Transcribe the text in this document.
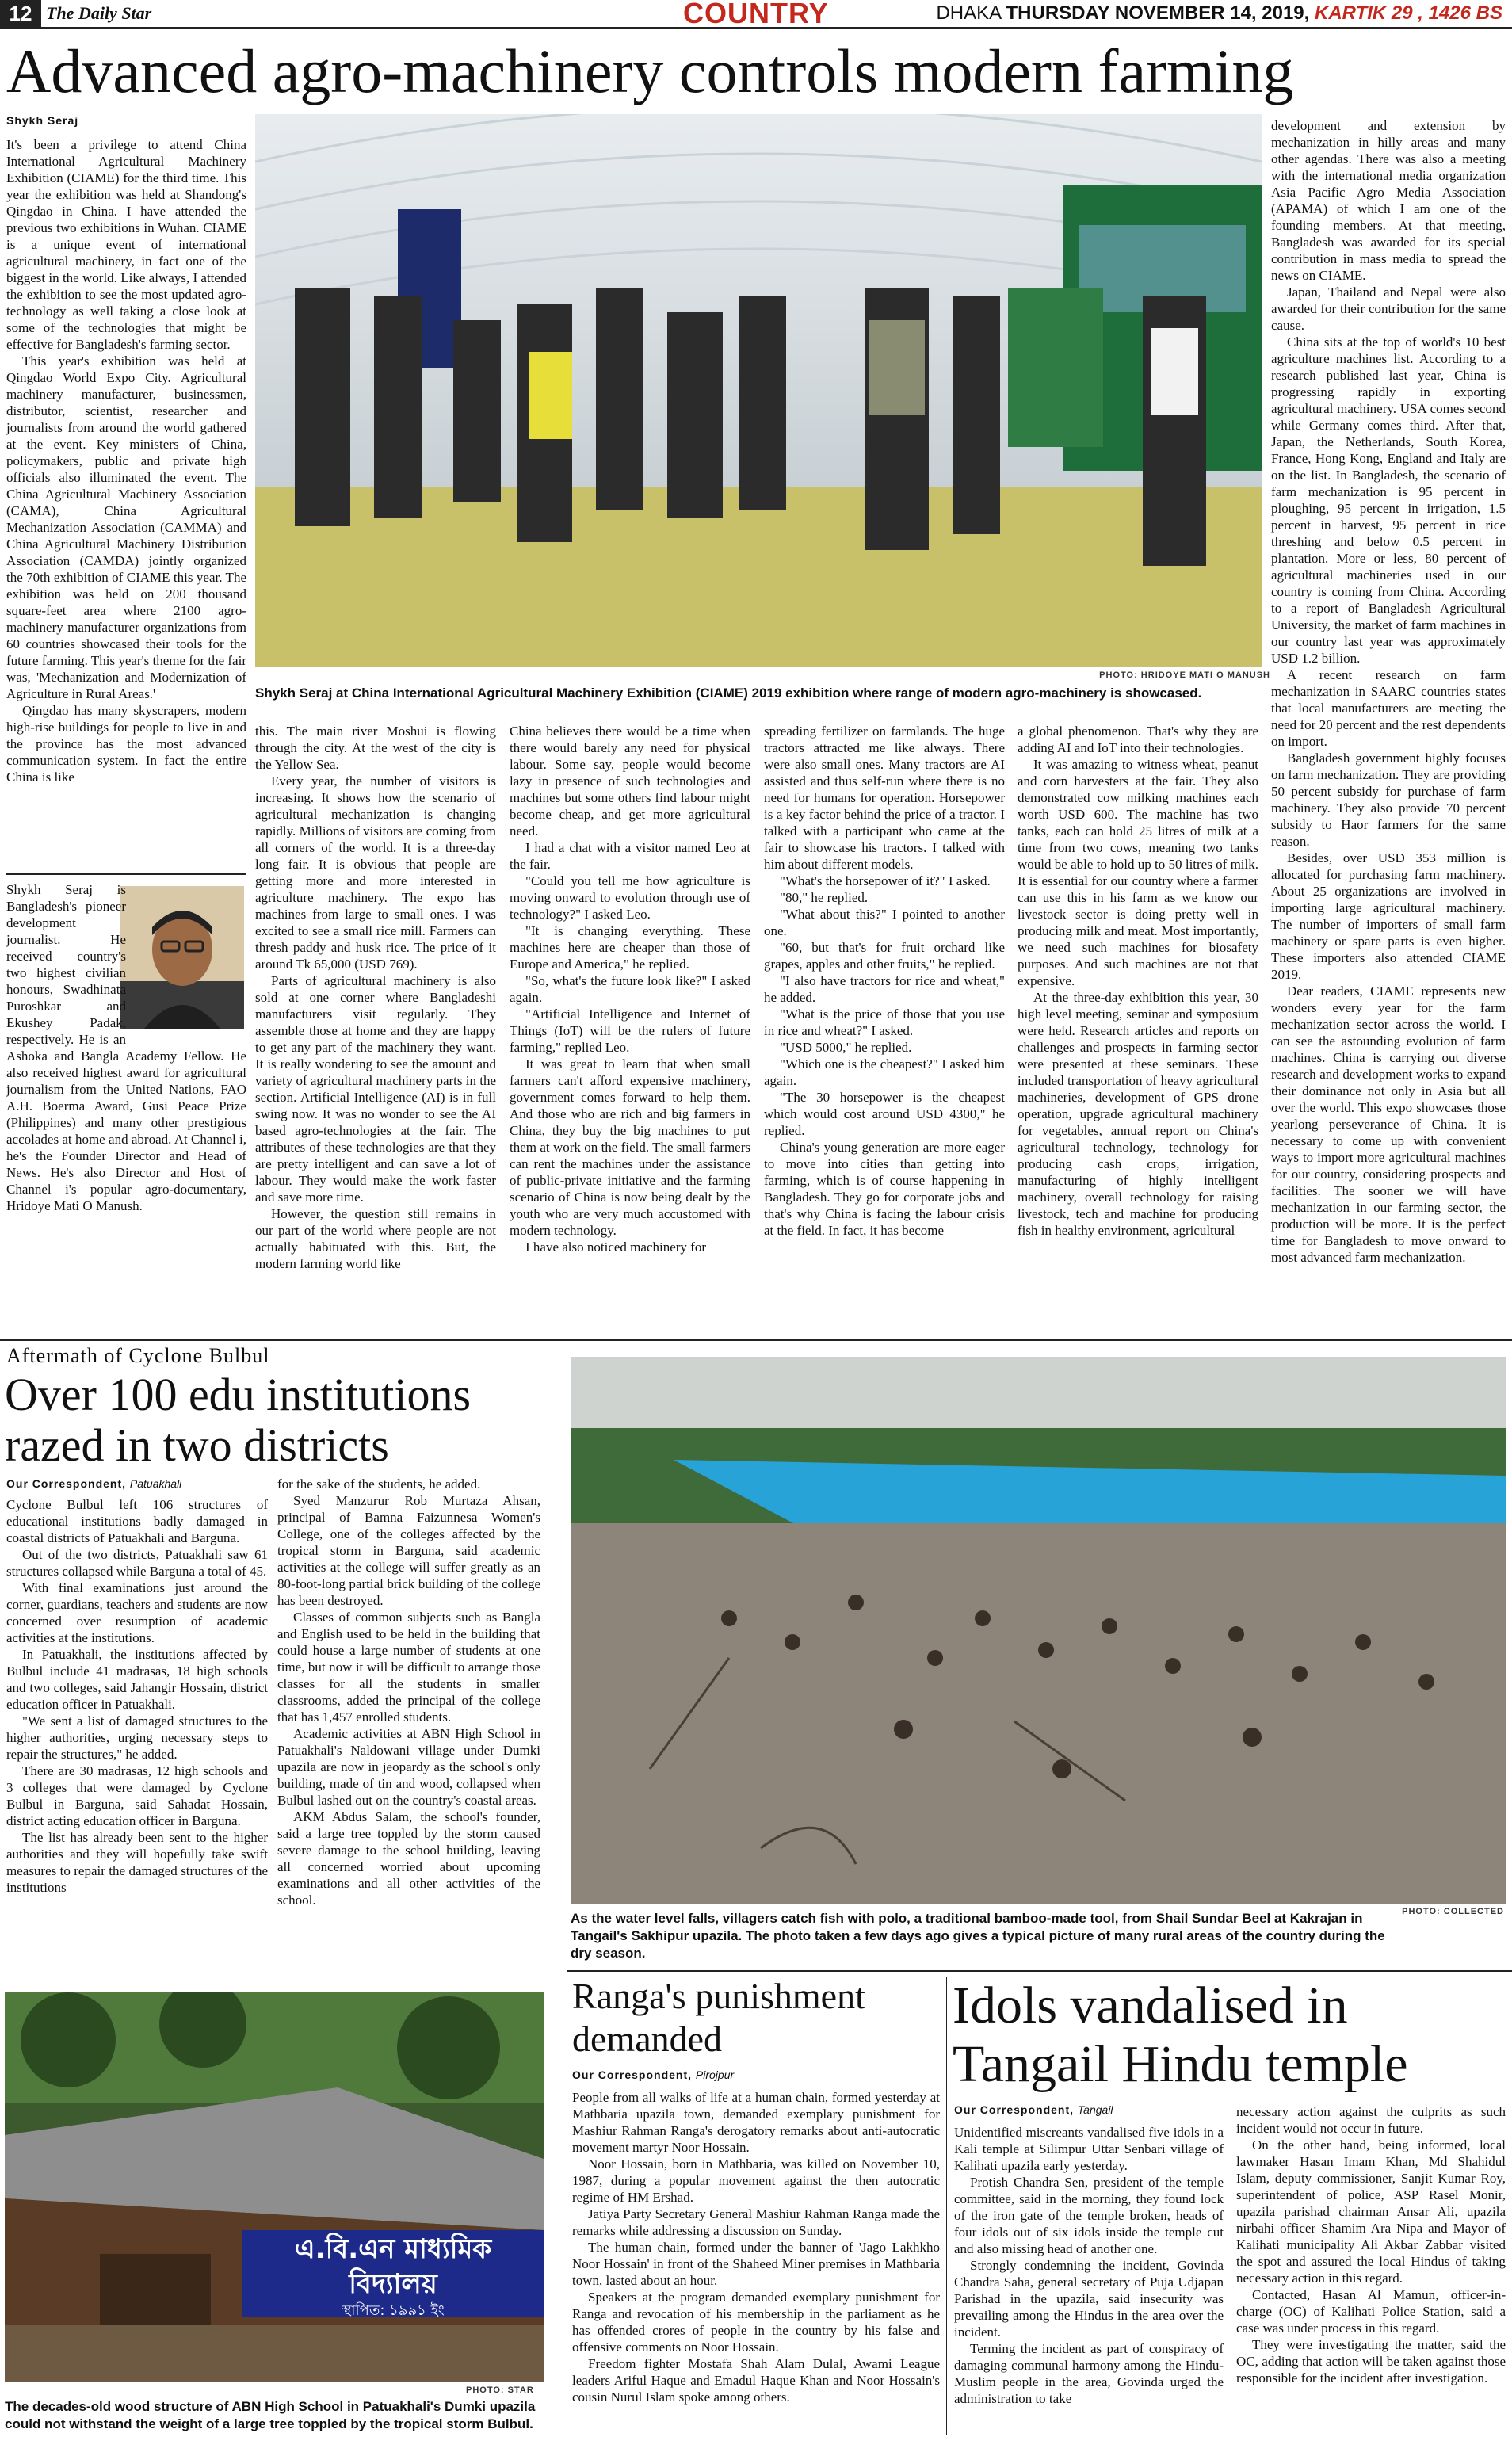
12 The Daily Star	COUNTRY	DHAKA THURSDAY NOVEMBER 14, 2019, KARTIK 29 , 1426 BS
Advanced agro-machinery controls modern farming
Shykh Seraj

It's been a privilege to attend China International Agricultural Machinery Exhibition (CIAME) for the third time. This year the exhibition was held at Shandong's Qingdao in China. I have attended the previous two exhibitions in Wuhan. CIAME is a unique event of international agricultural machinery, in fact one of the biggest in the world. Like always, I attended the exhibition to see the most updated agro-technology as well taking a close look at some of the technologies that might be effective for Bangladesh's farming sector.

This year's exhibition was held at Qingdao World Expo City. Agricultural machinery manufacturer, businessmen, distributor, scientist, researcher and journalists from around the world gathered at the event. Key ministers of China, policymakers, public and private high officials also illuminated the event. The China Agricultural Machinery Association (CAMA), China Agricultural Mechanization Association (CAMMA) and China Agricultural Machinery Distribution Association (CAMDA) jointly organized the 70th exhibition of CIAME this year. The exhibition was held on 200 thousand square-feet area where 2100 agro-machinery manufacturer organizations from 60 countries showcased their tools for the future farming. This year's theme for the fair was, 'Mechanization and Modernization of Agriculture in Rural Areas.'

Qingdao has many skyscrapers, modern high-rise buildings for people to live in and the province has the most advanced communication system. In fact the entire China is like

Shykh Seraj is Bangladesh's pioneer development journalist. He received country's two highest civilian honours, Swadhinata Puroshkar and Ekushey Padak, respectively. He is an Ashoka and Bangla Academy Fellow. He also received highest award for agricultural journalism from the United Nations, FAO A.H. Boerma Award, Gusi Peace Prize (Philippines) and many other prestigious accolades at home and abroad. At Channel i, he's the Founder Director and Head of News. He's also Director and Host of Channel i's popular agro-documentary, Hridoye Mati O Manush.
PHOTO: HRIDOYE MATI O MANUSH
Shykh Seraj at China International Agricultural Machinery Exhibition (CIAME) 2019 exhibition where range of modern agro-machinery is showcased.

this. The main river Moshui is flowing through the city. At the west of the city is the Yellow Sea.

Every year, the number of visitors is increasing. It shows how the scenario of agricultural mechanization is changing rapidly. Millions of visitors are coming from all corners of the world. It is a three-day long fair. It is obvious that people are getting more and more interested in agriculture machinery. The expo has machines from large to small ones. I was excited to see a small rice mill. Farmers can thresh paddy and husk rice. The price of it around Tk 65,000 (USD 769).

Parts of agricultural machinery is also sold at one corner where Bangladeshi manufacturers visit regularly. They assemble those at home and they are happy to get any part of the machinery they want. It is really wondering to see the amount and variety of agricultural machinery parts in the section. Artificial Intelligence (AI) is in full swing now. It was no wonder to see the AI based agro-technologies at the fair. The attributes of these technologies are that they are pretty intelligent and can save a lot of labour. They would make the work faster and save more time.

However, the question still remains in our part of the world where people are not actually habituated with this. But, the modern farming world like

China believes there would be a time when there would barely any need for physical labour. Some say, people would become lazy in presence of such technologies and machines but some others find labour might become cheap, and get more agricultural need.

I had a chat with a visitor named Leo at the fair.

"Could you tell me how agriculture is moving onward to evolution through use of technology?" I asked Leo.

"It is changing everything. These machines here are cheaper than those of Europe and America," he replied.

"So, what's the future look like?" I asked again.

"Artificial Intelligence and Internet of Things (IoT) will be the rulers of future farming," replied Leo.

It was great to learn that when small farmers can't afford expensive machinery, government comes forward to help them. And those who are rich and big farmers in China, they buy the big machines to put them at work on the field. The small farmers can rent the machines under the assistance of public-private initiative and the farming scenario of China is now being dealt by the youth who are very much accustomed with modern technology.

I have also noticed machinery for

spreading fertilizer on farmlands. The huge tractors attracted me like always. There were also small ones. Many tractors are AI assisted and thus self-run where there is no need for humans for operation. Horsepower is a key factor behind the price of a tractor. I talked with a participant who came at the fair to showcase his tractors. I talked with him about different models.

"What's the horsepower of it?" I asked.

"80," he replied.

"What about this?" I pointed to another one.

"60, but that's for fruit orchard like grapes, apples and other fruits," he replied.

"I also have tractors for rice and wheat," he added.

"What is the price of those that you use in rice and wheat?" I asked.

"USD 5000," he replied.

"Which one is the cheapest?" I asked him again.

"The 30 horsepower is the cheapest which would cost around USD 4300," he replied.

China's young generation are more eager to move into cities than getting into farming, which is of course happening in Bangladesh. They go for corporate jobs and that's why China is facing the labour crisis at the field. In fact, it has become

a global phenomenon. That's why they are adding AI and IoT into their technologies.

It was amazing to witness wheat, peanut and corn harvesters at the fair. They also demonstrated cow milking machines each worth USD 600. The machine has two tanks, each can hold 25 litres of milk at a time from two cows, meaning two tanks would be able to hold up to 50 litres of milk. It is essential for our country where a farmer can use this in his farm as we know our livestock sector is doing pretty well in producing milk and meat. Most importantly, we need such machines for biosafety purposes. And such machines are not that expensive.

At the three-day exhibition this year, 30 high level meeting, seminar and symposium were held. Research articles and reports on challenges and prospects in farming sector were presented at these seminars. These included transportation of heavy agricultural machineries, development of GPS drone operation, upgrade agricultural machinery for vegetables, annual report on China's agricultural technology, technology for producing cash crops, irrigation, manufacturing of highly intelligent machinery, overall technology for raising livestock, tech and machine for producing fish in healthy environment, agricultural

development and extension by mechanization in hilly areas and many other agendas. There was also a meeting with the international media organization Asia Pacific Agro Media Association (APAMA) of which I am one of the founding members. At that meeting, Bangladesh was awarded for its special contribution in mass media to spread the news on CIAME.

Japan, Thailand and Nepal were also awarded for their contribution for the same cause.

China sits at the top of world's 10 best agriculture machines list. According to a research published last year, China is progressing rapidly in exporting agricultural machinery. USA comes second while Germany comes third. After that, Japan, the Netherlands, South Korea, France, Hong Kong, England and Italy are on the list. In Bangladesh, the scenario of farm mechanization is 95 percent in ploughing, 95 percent in irrigation, 1.5 percent in harvest, 95 percent in rice threshing and below 0.5 percent in plantation. More or less, 80 percent of agricultural machineries used in our country is coming from China. According to a report of Bangladesh Agricultural University, the market of farm machines in our country last year was approximately USD 1.2 billion.

A recent research on farm mechanization in SAARC countries states that local manufacturers are meeting the need for 20 percent and the rest dependents on import.

Bangladesh government highly focuses on farm mechanization. They are providing 50 percent subsidy for purchase of farm machinery. They also provide 70 percent subsidy to Haor farmers for the same reason.

Besides, over USD 353 million is allocated for purchasing farm machinery. About 25 organizations are involved in importing large agricultural machinery. The number of importers of small farm machinery or spare parts is even higher. These importers also attended CIAME 2019.

Dear readers, CIAME represents new wonders every year for the farm mechanization sector across the world. I can see the astounding evolution of farm machines. China is carrying out diverse research and development works to expand their dominance not only in Asia but all over the world. This expo showcases those yearlong perseverance of China. It is necessary to come up with convenient ways to import more agricultural machines for our country, considering prospects and facilities. The sooner we will have mechanization in our farming sector, the production will be more. It is the perfect time for Bangladesh to move onward to most advanced farm mechanization.

Aftermath of Cyclone Bulbul
Over 100 edu institutions
razed in two districts
Our Correspondent, Patuakhali

Cyclone Bulbul left 106 structures of educational institutions badly damaged in coastal districts of Patuakhali and Barguna.

Out of the two districts, Patuakhali saw 61 structures collapsed while Barguna a total of 45.

With final examinations just around the corner, guardians, teachers and students are now concerned over resumption of academic activities at the institutions.

In Patuakhali, the institutions affected by Bulbul include 41 madrasas, 18 high schools and two colleges, said Jahangir Hossain, district education officer in Patuakhali.

"We sent a list of damaged structures to the higher authorities, urging necessary steps to repair the structures," he added.

There are 30 madrasas, 12 high schools and 3 colleges that were damaged by Cyclone Bulbul in Barguna, said Sahadat Hossain, district acting education officer in Barguna.

The list has already been sent to the higher authorities and they will hopefully take swift measures to repair the damaged structures of the institutions

for the sake of the students, he added.

Syed Manzurur Rob Murtaza Ahsan, principal of Bamna Faizunnesa Women's College, one of the colleges affected by the tropical storm in Barguna, said academic activities at the college will suffer greatly as an 80-foot-long partial brick building of the college has been destroyed.

Classes of common subjects such as Bangla and English used to be held in the building that could house a large number of students at one time, but now it will be difficult to arrange those classes for all the students in smaller classrooms, added the principal of the college that has 1,457 enrolled students.

Academic activities at ABN High School in Patuakhali's Naldowani village under Dumki upazila are now in jeopardy as the school's only building, made of tin and wood, collapsed when Bulbul lashed out on the country's coastal areas.

AKM Abdus Salam, the school's founder, said a large tree toppled by the storm caused severe damage to the school building, leaving all concerned worried about upcoming examinations and all other activities of the school.

এ.বি.এন মাধ্যমিক বিদ্যালয়
স্থাপিত: ১৯৯১ ইং
PHOTO: STAR
The decades-old wood structure of ABN High School in Patuakhali's Dumki upazila could not withstand the weight of a large tree toppled by the tropical storm Bulbul.
PHOTO: COLLECTED
As the water level falls, villagers catch fish with polo, a traditional bamboo-made tool, from Shail Sundar Beel at Kakrajan in Tangail's Sakhipur upazila. The photo taken a few days ago gives a typical picture of many rural areas of the country during the dry season.
Ranga's punishment
demanded
Our Correspondent, Pirojpur

People from all walks of life at a human chain, formed yesterday at Mathbaria upazila town, demanded exemplary punishment for Mashiur Rahman Ranga's derogatory remarks about anti-autocratic movement martyr Noor Hossain.

Noor Hossain, born in Mathbaria, was killed on November 10, 1987, during a popular movement against the then autocratic regime of HM Ershad.

Jatiya Party Secretary General Mashiur Rahman Ranga made the remarks while addressing a discussion on Sunday.

The human chain, formed under the banner of 'Jago Lakhkho Noor Hossain' in front of the Shaheed Miner premises in Mathbaria town, lasted about an hour.

Speakers at the program demanded exemplary punishment for Ranga and revocation of his membership in the parliament as he has offended crores of people in the country by his false and offensive comments on Noor Hossain.

Freedom fighter Mostafa Shah Alam Dulal, Awami League leaders Ariful Haque and Emadul Haque Khan and Noor Hossain's cousin Nurul Islam spoke among others.

Idols vandalised in
Tangail Hindu temple
Our Correspondent, Tangail

Unidentified miscreants vandalised five idols in a Kali temple at Silimpur Uttar Senbari village of Kalihati upazila early yesterday.

Protish Chandra Sen, president of the temple committee, said in the morning, they found lock of the iron gate of the temple broken, heads of four idols out of six idols inside the temple cut and also missing head of another one.

Strongly condemning the incident, Govinda Chandra Saha, general secretary of Puja Udjapan Parishad in the upazila, said insecurity was prevailing among the Hindus in the area over the incident.

Terming the incident as part of conspiracy of damaging communal harmony among the Hindu-Muslim people in the area, Govinda urged the administration to take

necessary action against the culprits as such incident would not occur in future.

On the other hand, being informed, local lawmaker Hasan Imam Khan, Md Shahidul Islam, deputy commissioner, Sanjit Kumar Roy, superintendent of police, ASP Rasel Monir, upazila parishad chairman Ansar Ali, upazila nirbahi officer Shamim Ara Nipa and Mayor of Kalihati municipality Ali Akbar Zabbar visited the spot and assured the local Hindus of taking necessary action in this regard.

Contacted, Hasan Al Mamun, officer-in-charge (OC) of Kalihati Police Station, said a case was under process in this regard.

They were investigating the matter, said the OC, adding that action will be taken against those responsible for the incident after investigation.
